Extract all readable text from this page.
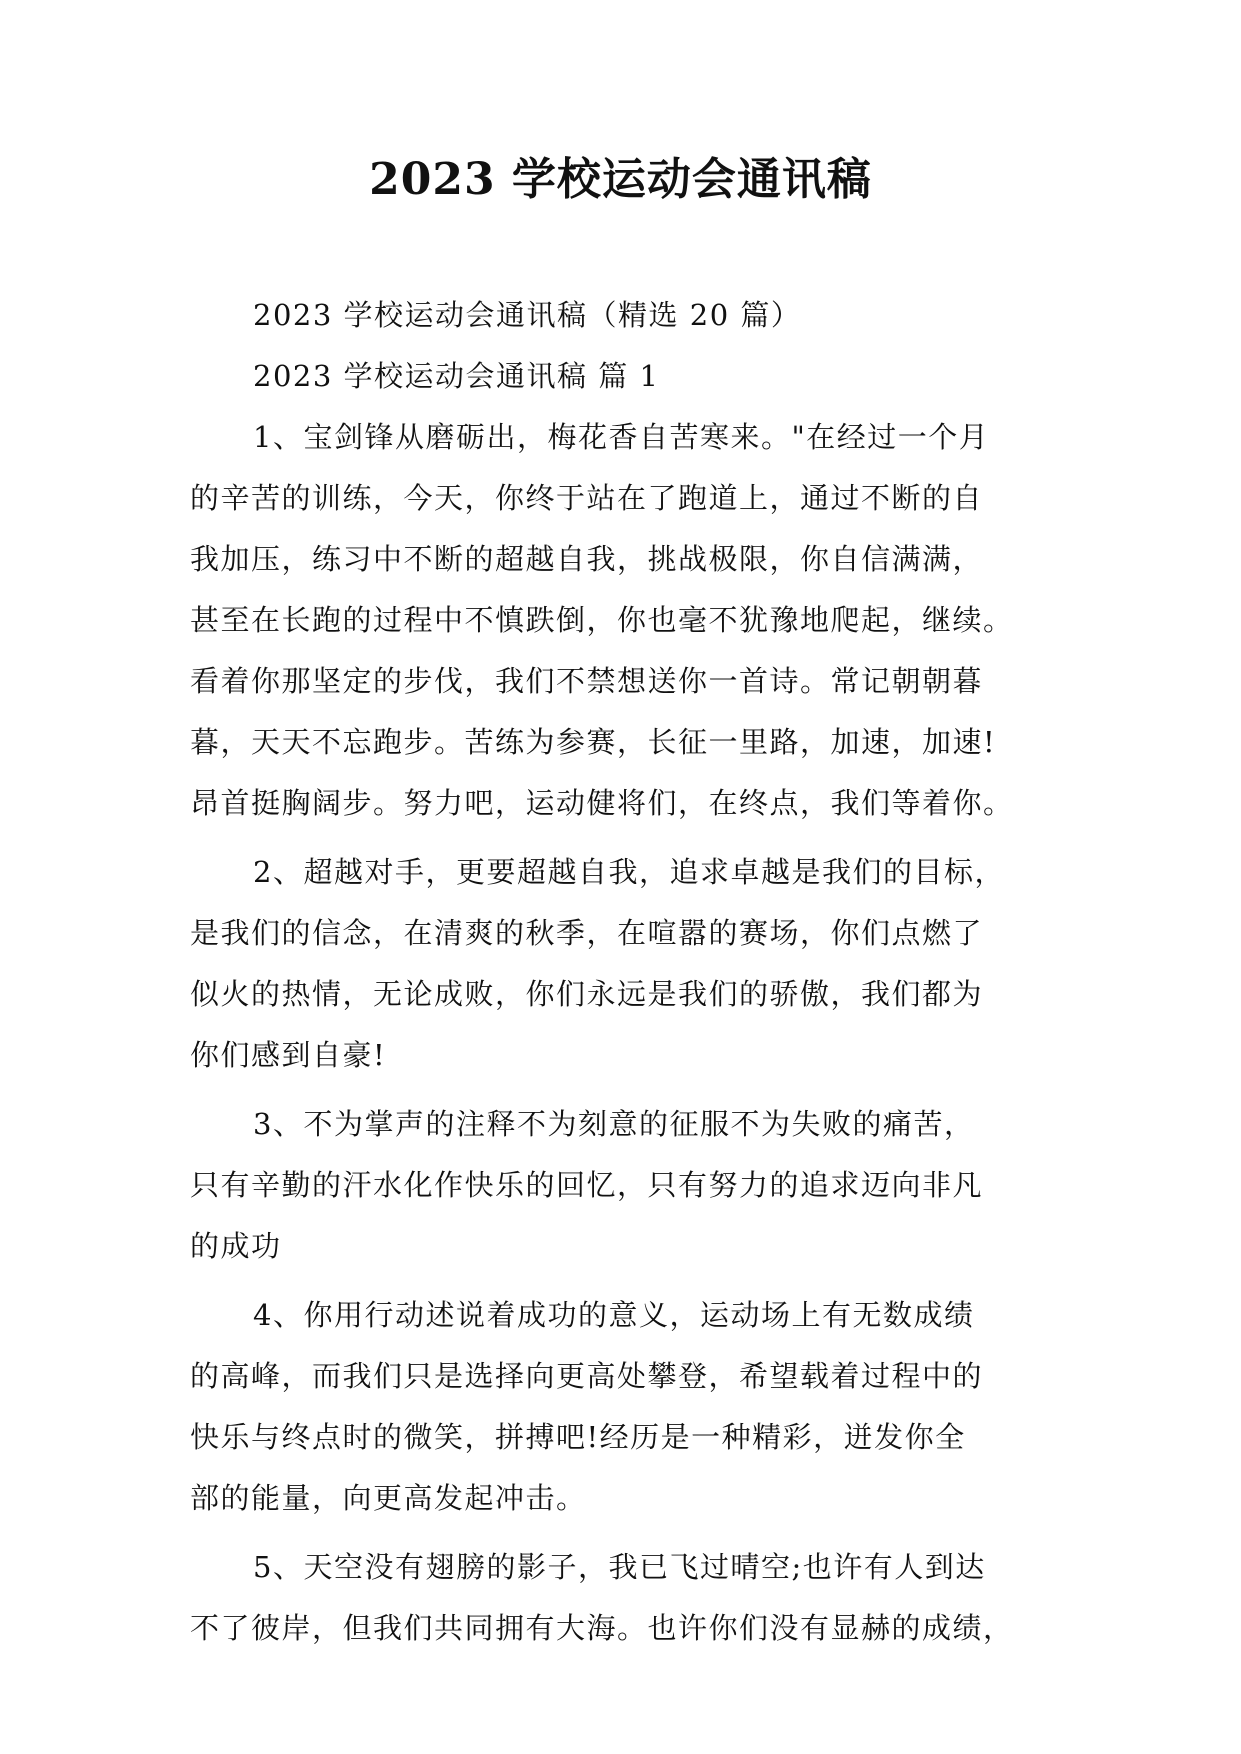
2023 学校运动会通讯稿
2023 学校运动会通讯稿（精选 20 篇）
2023 学校运动会通讯稿 篇 1
1、宝剑锋从磨砺出，梅花香自苦寒来。"在经过一个月
的辛苦的训练，今天，你终于站在了跑道上，通过不断的自
我加压，练习中不断的超越自我，挑战极限，你自信满满，
甚至在长跑的过程中不慎跌倒，你也毫不犹豫地爬起，继续。
看着你那坚定的步伐，我们不禁想送你一首诗。常记朝朝暮
暮，天天不忘跑步。苦练为参赛，长征一里路，加速，加速!
昂首挺胸阔步。努力吧，运动健将们，在终点，我们等着你。
2、超越对手，更要超越自我，追求卓越是我们的目标，
是我们的信念，在清爽的秋季，在喧嚣的赛场，你们点燃了
似火的热情，无论成败，你们永远是我们的骄傲，我们都为
你们感到自豪!
3、不为掌声的注释不为刻意的征服不为失败的痛苦，
只有辛勤的汗水化作快乐的回忆，只有努力的追求迈向非凡
的成功
4、你用行动述说着成功的意义，运动场上有无数成绩
的高峰，而我们只是选择向更高处攀登，希望载着过程中的
快乐与终点时的微笑，拼搏吧!经历是一种精彩，迸发你全
部的能量，向更高发起冲击。
5、天空没有翅膀的影子，我已飞过晴空;也许有人到达
不了彼岸，但我们共同拥有大海。也许你们没有显赫的成绩，
